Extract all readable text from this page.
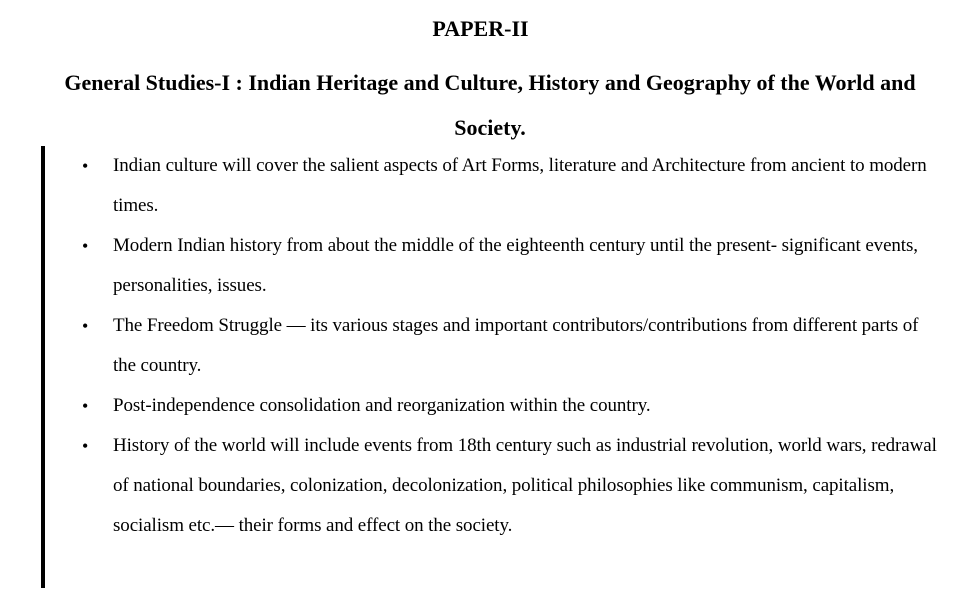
PAPER-II
General Studies-I : Indian Heritage and Culture, History and Geography of the World and Society.
• Indian culture will cover the salient aspects of Art Forms, literature and Architecture from ancient to modern times.
• Modern Indian history from about the middle of the eighteenth century until the present- significant events, personalities, issues.
• The Freedom Struggle — its various stages and important contributors/contributions from different parts of the country.
• Post-independence consolidation and reorganization within the country.
• History of the world will include events from 18th century such as industrial revolution, world wars, redrawal of national boundaries, colonization, decolonization, political philosophies like communism, capitalism, socialism etc.— their forms and effect on the society.
